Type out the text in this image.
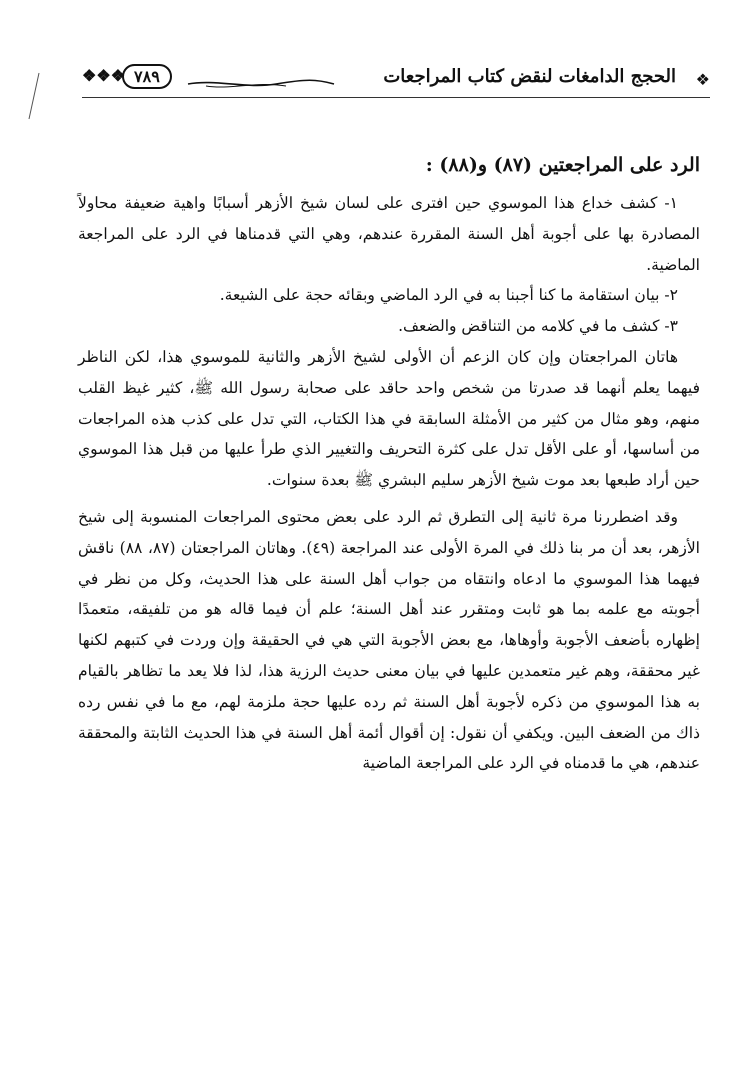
❖
الحجج الدامغات لنقض كتاب المراجعات
٧٨٩
❖❖❖

الرد على المراجعتين (٨٧) و(٨٨) :

١- كشف خداع هذا الموسوي حين افترى على لسان شيخ الأزهر أسبابًا واهية ضعيفة محاولاً المصادرة بها على أجوبة أهل السنة المقررة عندهم، وهي التي قدمناها في الرد على المراجعة الماضية.

٢- بيان استقامة ما كنا أجبنا به في الرد الماضي وبقائه حجة على الشيعة.

٣- كشف ما في كلامه من التناقض والضعف.

هاتان المراجعتان وإن كان الزعم أن الأولى لشيخ الأزهر والثانية للموسوي هذا، لكن الناظر فيهما يعلم أنهما قد صدرتا من شخص واحد حاقد على صحابة رسول الله ﷺ، كثير غيظ القلب منهم، وهو مثال من كثير من الأمثلة السابقة في هذا الكتاب، التي تدل على كذب هذه المراجعات من أساسها، أو على الأقل تدل على كثرة التحريف والتغيير الذي طرأ عليها من قبل هذا الموسوي حين أراد طبعها بعد موت شيخ الأزهر سليم البشري ﷺ بعدة سنوات.

وقد اضطررنا مرة ثانية إلى التطرق ثم الرد على بعض محتوى المراجعات المنسوبة إلى شيخ الأزهر، بعد أن مر بنا ذلك في المرة الأولى عند المراجعة (٤٩). وهاتان المراجعتان (٨٧، ٨٨) ناقش فيهما هذا الموسوي ما ادعاه وانتقاه من جواب أهل السنة على هذا الحديث، وكل من نظر في أجوبته مع علمه بما هو ثابت ومتقرر عند أهل السنة؛ علم أن فيما قاله هو من تلفيقه، متعمدًا إظهاره بأضعف الأجوبة وأوهاها، مع بعض الأجوبة التي هي في الحقيقة وإن وردت في كتبهم لكنها غير محققة، وهم غير متعمدين عليها في بيان معنى حديث الرزية هذا، لذا فلا يعد ما تظاهر بالقيام به هذا الموسوي من ذكره لأجوبة أهل السنة ثم رده عليها حجة ملزمة لهم، مع ما في نفس رده ذاك من الضعف البين. ويكفي أن نقول: إن أقوال أئمة أهل السنة في هذا الحديث الثابتة والمحققة عندهم، هي ما قدمناه في الرد على المراجعة الماضية
